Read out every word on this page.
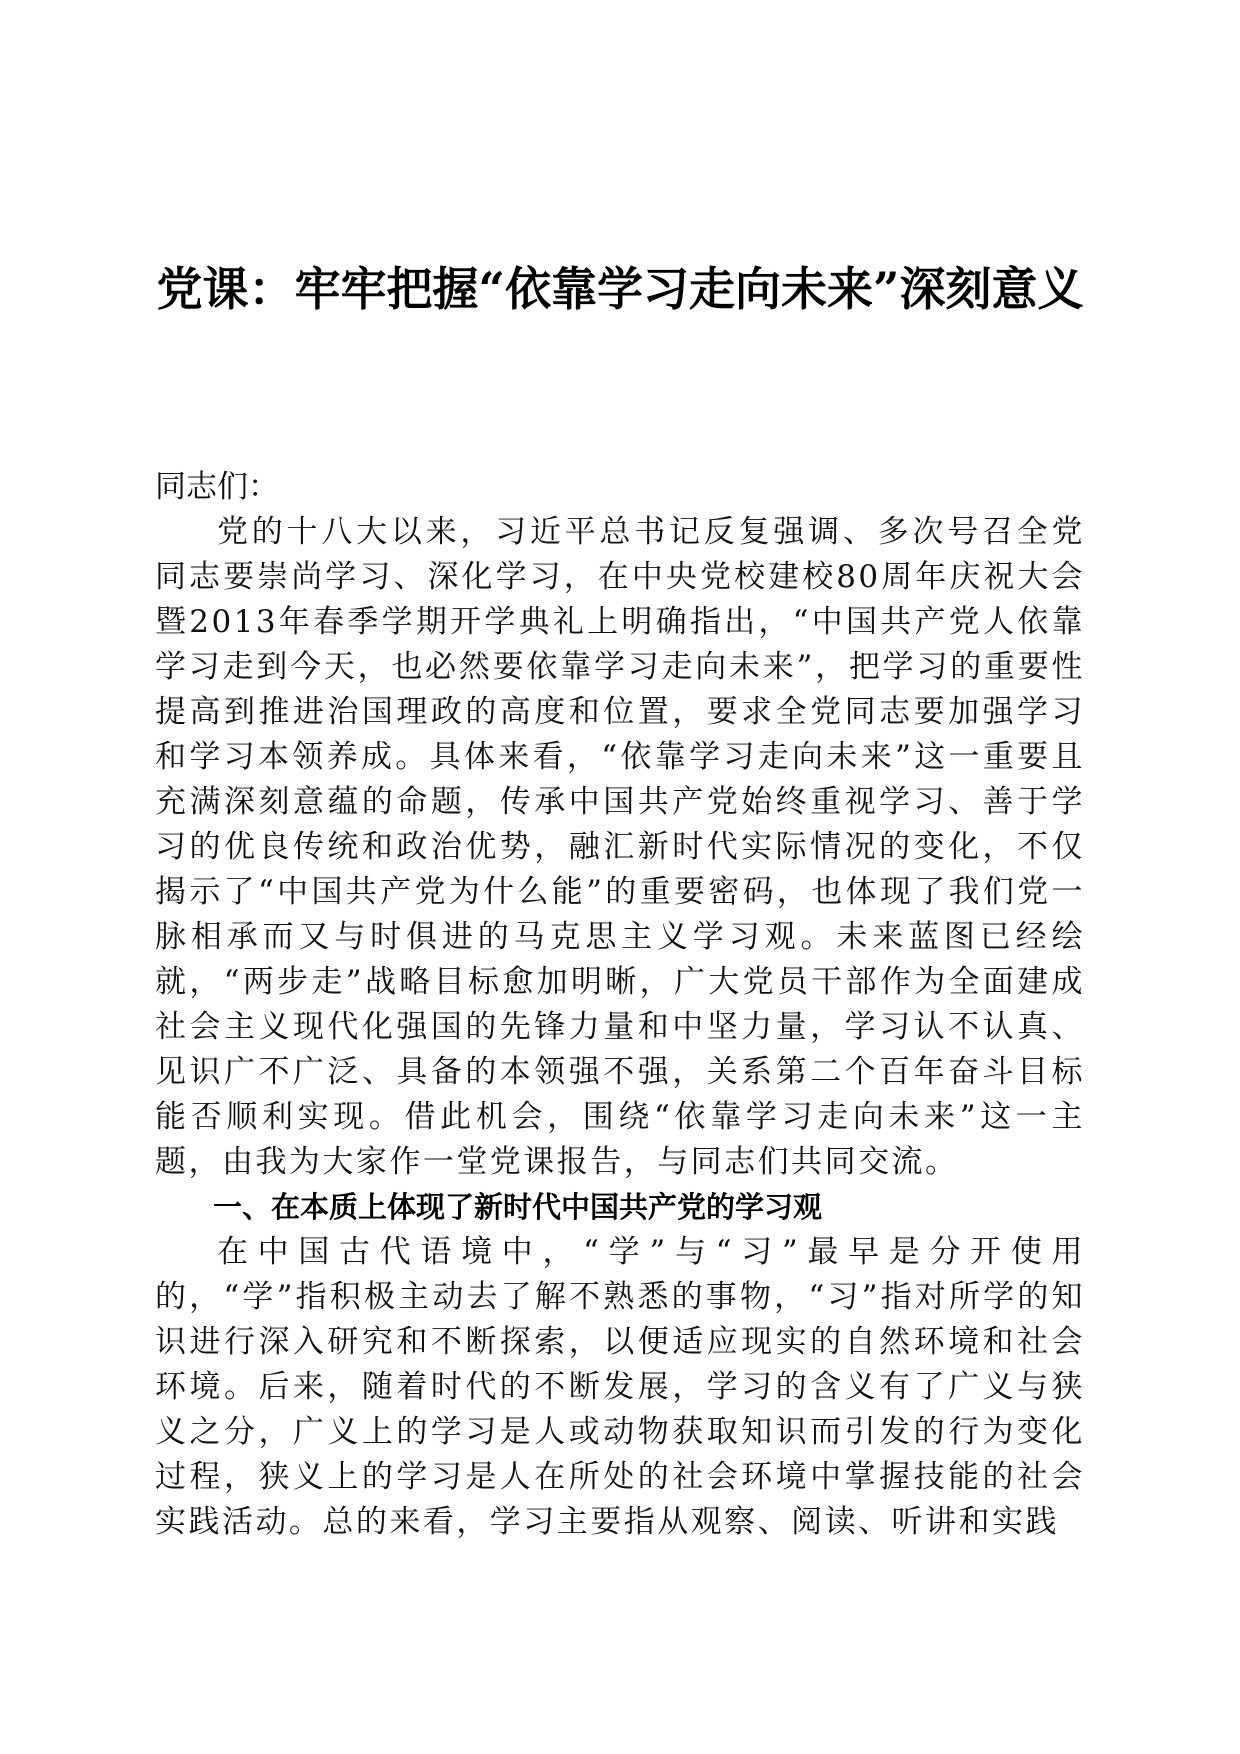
党课：牢牢把握“依靠学习走向未来”深刻意义

同志们：

党的十八大以来，习近平总书记反复强调、多次号召全党同志要崇尚学习、深化学习，在中央党校建校80周年庆祝大会暨2013年春季学期开学典礼上明确指出，“中国共产党人依靠学习走到今天，也必然要依靠学习走向未来”，把学习的重要性提高到推进治国理政的高度和位置，要求全党同志要加强学习和学习本领养成。具体来看，“依靠学习走向未来”这一重要且充满深刻意蕴的命题，传承中国共产党始终重视学习、善于学习的优良传统和政治优势，融汇新时代实际情况的变化，不仅揭示了“中国共产党为什么能”的重要密码，也体现了我们党一脉相承而又与时俱进的马克思主义学习观。未来蓝图已经绘就，“两步走”战略目标愈加明晰，广大党员干部作为全面建成社会主义现代化强国的先锋力量和中坚力量，学习认不认真、见识广不广泛、具备的本领强不强，关系第二个百年奋斗目标能否顺利实现。借此机会，围绕“依靠学习走向未来”这一主题，由我为大家作一堂党课报告，与同志们共同交流。

一、在本质上体现了新时代中国共产党的学习观

在中国古代语境中，“学”与“习”最早是分开使用的，“学”指积极主动去了解不熟悉的事物，“习”指对所学的知识进行深入研究和不断探索，以便适应现实的自然环境和社会环境。后来，随着时代的不断发展，学习的含义有了广义与狭义之分，广义上的学习是人或动物获取知识而引发的行为变化过程，狭义上的学习是人在所处的社会环境中掌握技能的社会实践活动。总的来看，学习主要指从观察、阅读、听讲和实践
